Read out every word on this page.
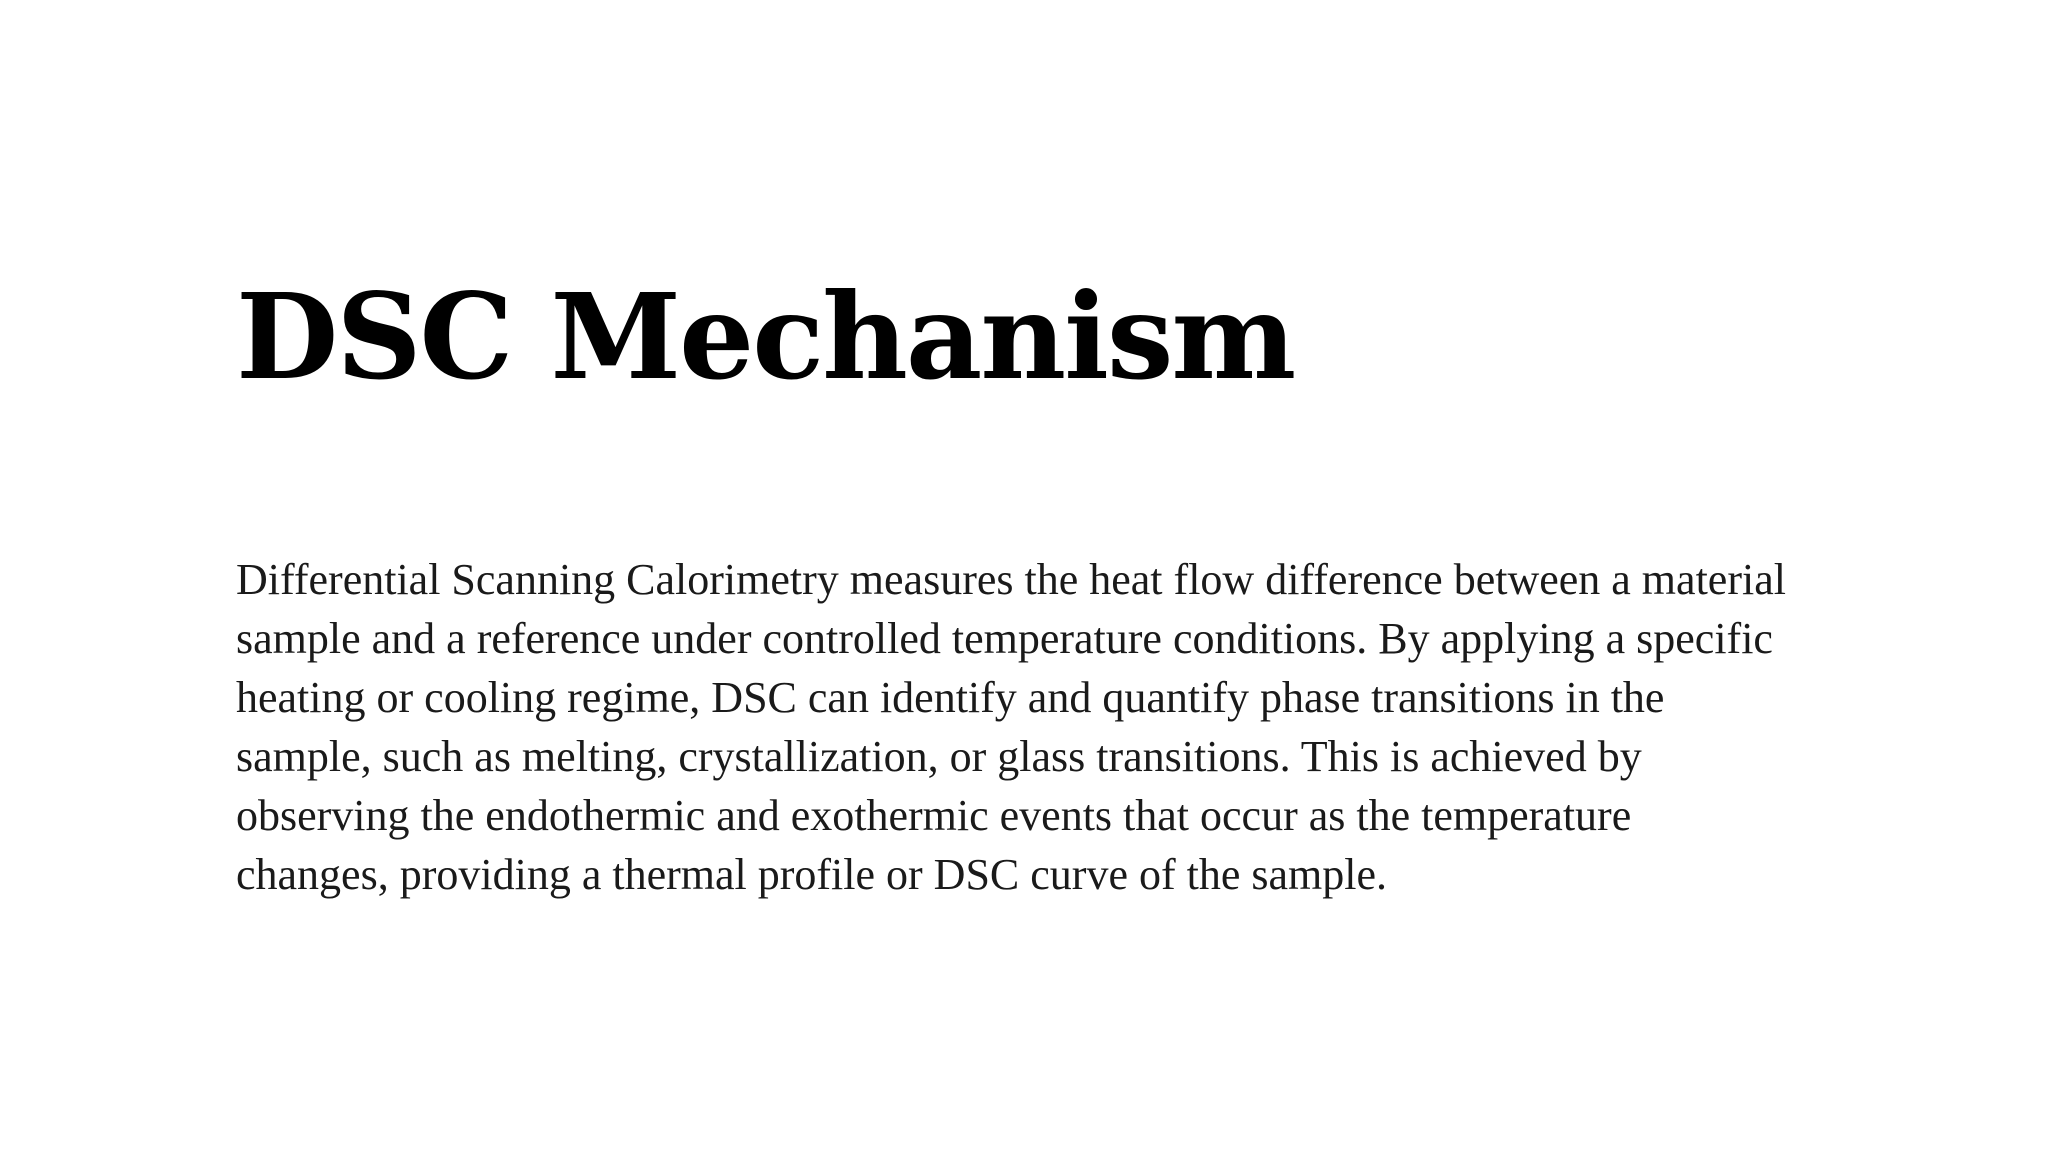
DSC Mechanism

Differential Scanning Calorimetry measures the heat flow difference between a material
sample and a reference under controlled temperature conditions. By applying a specific
heating or cooling regime, DSC can identify and quantify phase transitions in the
sample, such as melting, crystallization, or glass transitions. This is achieved by
observing the endothermic and exothermic events that occur as the temperature
changes, providing a thermal profile or DSC curve of the sample.
